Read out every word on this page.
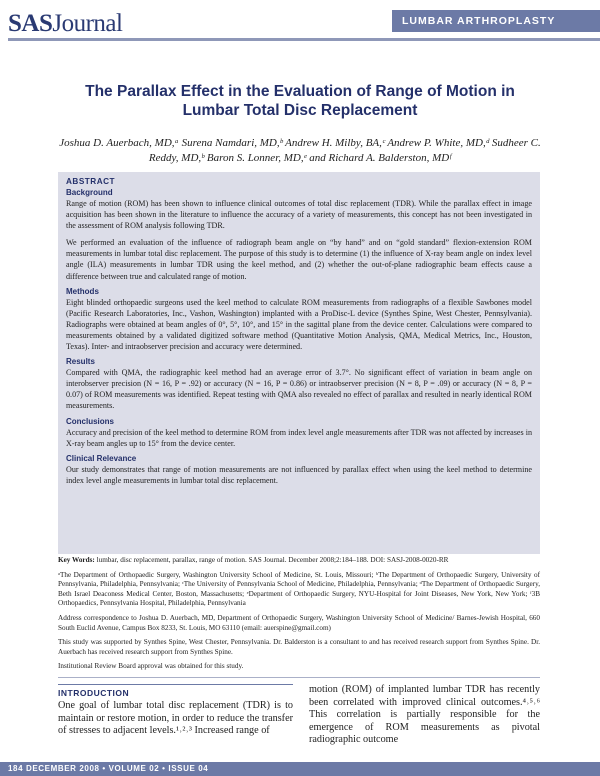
SASJournal	LUMBAR ARTHROPLASTY
The Parallax Effect in the Evaluation of Range of Motion in Lumbar Total Disc Replacement
Joshua D. Auerbach, MD,ᵃ Surena Namdari, MD,ᵇ Andrew H. Milby, BA,ᶜ Andrew P. White, MD,ᵈ Sudheer C. Reddy, MD,ᵇ Baron S. Lonner, MD,ᵉ and Richard A. Balderston, MDᶠ
ABSTRACT
Background

Range of motion (ROM) has been shown to influence clinical outcomes of total disc replacement (TDR). While the parallax effect in image acquisition has been shown in the literature to influence the accuracy of a variety of measurements, this concept has not been investigated in the assessment of ROM analysis following TDR.

We performed an evaluation of the influence of radiograph beam angle on “by hand” and on “gold standard” flexion-extension ROM measurements in lumbar total disc replacement. The purpose of this study is to determine (1) the influence of X-ray beam angle on index level angle (ILA) measurements in lumbar TDR using the keel method, and (2) whether the out-of-plane radiographic beam effects cause a difference between true and calculated range of motion.

Methods

Eight blinded orthopaedic surgeons used the keel method to calculate ROM measurements from radiographs of a flexible Sawbones model (Pacific Research Laboratories, Inc., Vashon, Washington) implanted with a ProDisc-L device (Synthes Spine, West Chester, Pennsylvania). Radiographs were obtained at beam angles of 0°, 5°, 10°, and 15° in the sagittal plane from the device center. Calculations were compared to measurements obtained by a validated digitized software method (Quantitative Motion Analysis, QMA, Medical Metrics, Inc., Houston, Texas). Inter- and intraobserver precision and accuracy were determined.

Results

Compared with QMA, the radiographic keel method had an average error of 3.7°. No significant effect of variation in beam angle on interobserver precision (N = 16, P = .92) or accuracy (N = 16, P = 0.86) or intraobserver precision (N = 8, P = .09) or accuracy (N = 8, P = 0.07) of ROM measurements was identified. Repeat testing with QMA also revealed no effect of parallax and resulted in nearly identical ROM measurements.

Conclusions

Accuracy and precision of the keel method to determine ROM from index level angle measurements after TDR was not affected by increases in X-ray beam angles up to 15° from the device center.

Clinical Relevance

Our study demonstrates that range of motion measurements are not influenced by parallax effect when using the keel method to determine index level angle measurements in lumbar total disc replacement.

Key Words: lumbar, disc replacement, parallax, range of motion. SAS Journal. December 2008;2:184–188. DOI: SASJ-2008-0020-RR

ᵃThe Department of Orthopaedic Surgery, Washington University School of Medicine, St. Louis, Missouri; ᵇThe Department of Orthopaedic Surgery, University of Pennsylvania, Philadelphia, Pennsylvania; ᶜThe University of Pennsylvania School of Medicine, Philadelphia, Pennsylvania; ᵈThe Department of Orthopaedic Surgery, Beth Israel Deaconess Medical Center, Boston, Massachusetts; ᵉDepartment of Orthopaedic Surgery, NYU-Hospital for Joint Diseases, New York, New York; ᶠ3B Orthopaedics, Pennsylvania Hospital, Philadelphia, Pennsylvania

Address correspondence to Joshua D. Auerbach, MD, Department of Orthopaedic Surgery, Washington University School of Medicine/ Barnes-Jewish Hospital, 660 South Euclid Avenue, Campus Box 8233, St. Louis, MO 63110 (email: auerspine@gmail.com)

This study was supported by Synthes Spine, West Chester, Pennsylvania. Dr. Balderston is a consultant to and has received research support from Synthes Spine. Dr. Auerbach has received research support from Synthes Spine.

Institutional Review Board approval was obtained for this study.

INTRODUCTION

One goal of lumbar total disc replacement (TDR) is to maintain or restore motion, in order to reduce the transfer of stresses to adjacent levels.¹˒²˒³ Increased range of

motion (ROM) of implanted lumbar TDR has recently been correlated with improved clinical outcomes.⁴˒⁵˒⁶ This correlation is partially responsible for the emergence of ROM measurements as pivotal radiographic outcome

184 DECEMBER 2008 • VOLUME 02 • ISSUE 04
